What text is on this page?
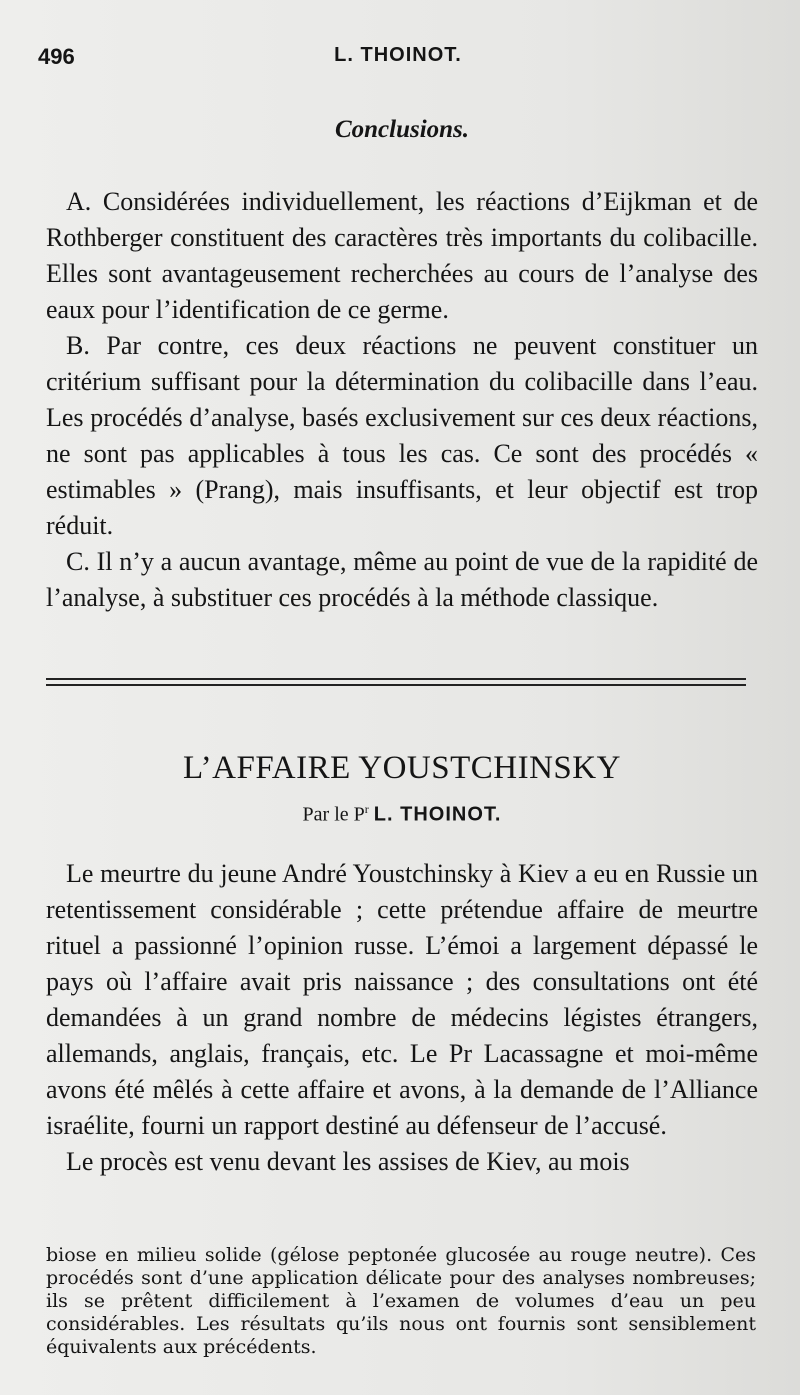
496	L. THOINOT.
Conclusions.

A. Considérées individuellement, les réactions d’Eijkman et de Rothberger constituent des caractères très importants du colibacille. Elles sont avantageusement recherchées au cours de l’analyse des eaux pour l’identification de ce germe.

B. Par contre, ces deux réactions ne peuvent constituer un critérium suffisant pour la détermination du colibacille dans l’eau. Les procédés d’analyse, basés exclusivement sur ces deux réactions, ne sont pas applicables à tous les cas. Ce sont des procédés « estimables » (Prang), mais insuffisants, et leur objectif est trop réduit.

C. Il n’y a aucun avantage, même au point de vue de la rapidité de l’analyse, à substituer ces procédés à la méthode classique.

L’AFFAIRE YOUSTCHINSKY
Par le $P^r$ L. THOINOT.

Le meurtre du jeune André Youstchinsky à Kiev a eu en Russie un retentissement considérable ; cette prétendue affaire de meurtre rituel a passionné l’opinion russe. L’émoi a largement dépassé le pays où l’affaire avait pris naissance ; des consultations ont été demandées à un grand nombre de médecins légistes étrangers, allemands, anglais, français, etc. Le Pr Lacassagne et moi-même avons été mêlés à cette affaire et avons, à la demande de l’Alliance israélite, fourni un rapport destiné au défenseur de l’accusé.

Le procès est venu devant les assises de Kiev, au mois

biose en milieu solide (gélose peptonée glucosée au rouge neutre). Ces procédés sont d’une application délicate pour des analyses nombreuses; ils se prêtent difficilement à l’examen de volumes d’eau un peu considérables. Les résultats qu’ils nous ont fournis sont sensiblement équivalents aux précédents.
